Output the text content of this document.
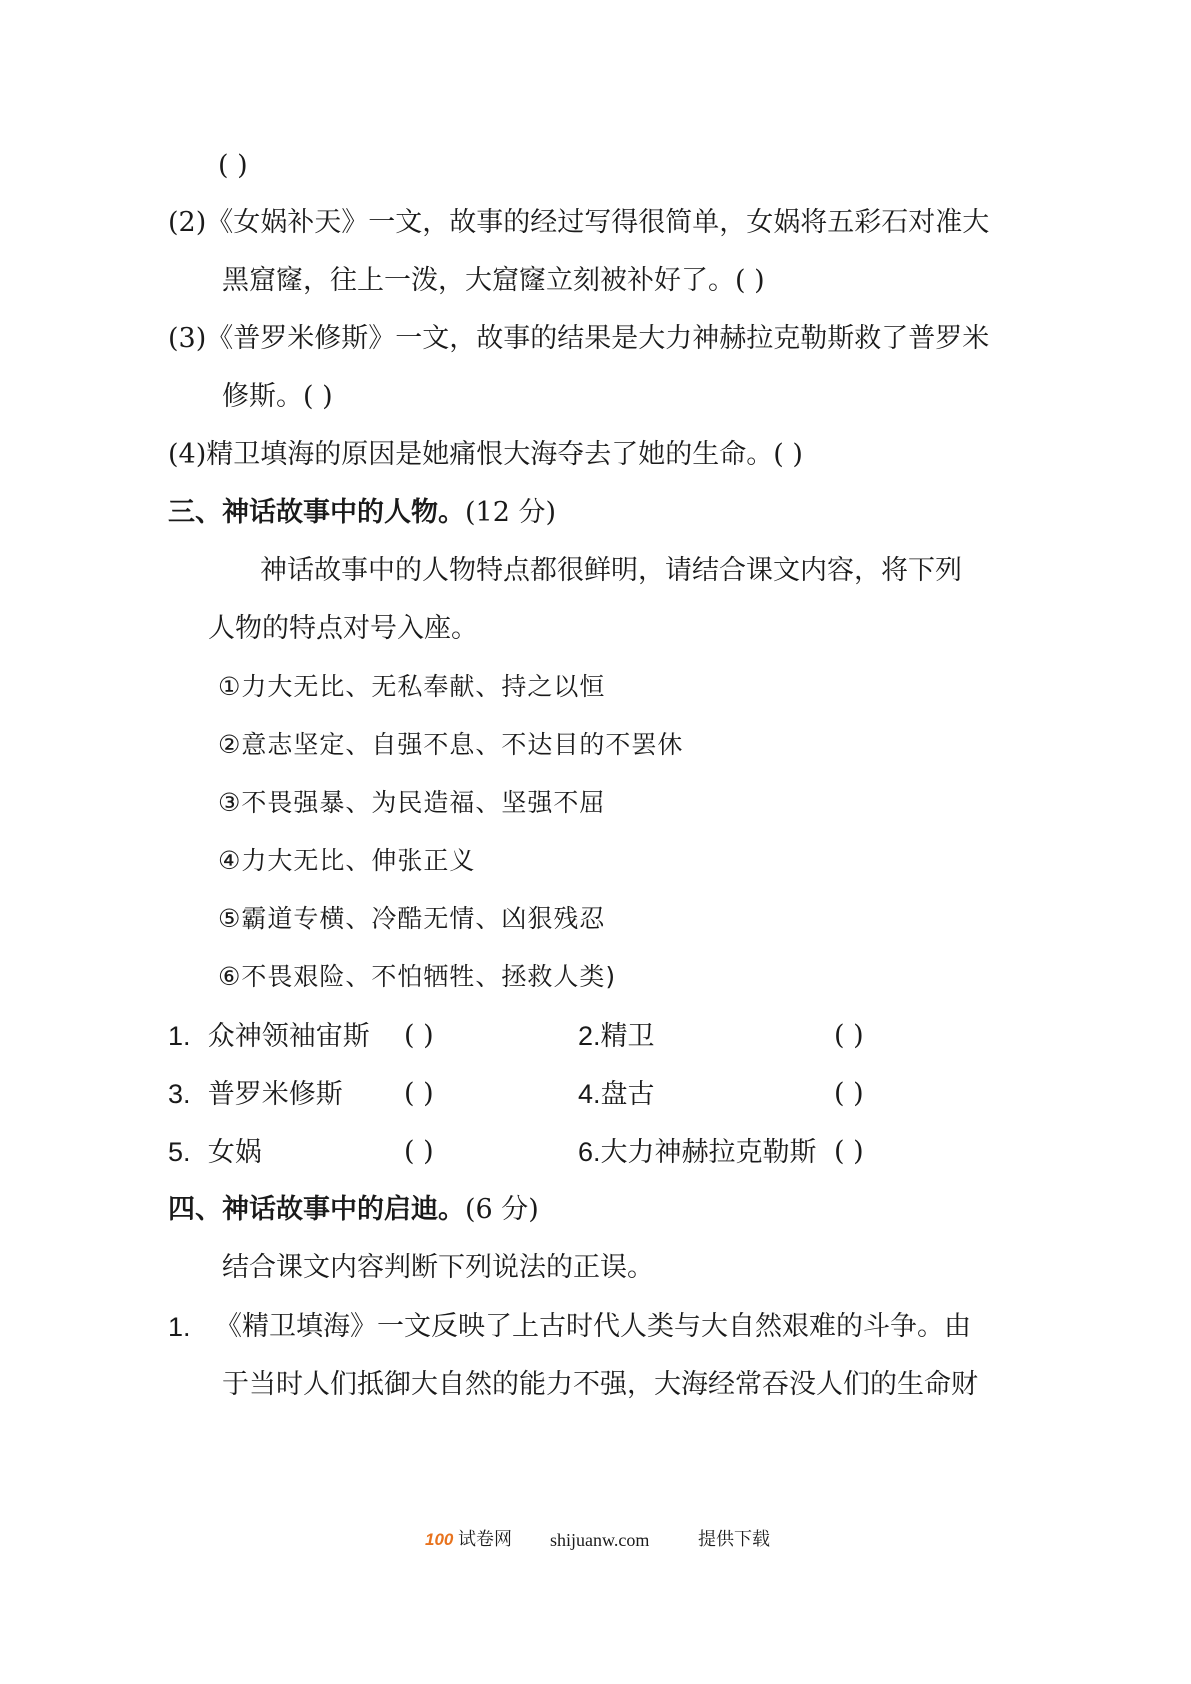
( )
(2)《女娲补天》一文，故事的经过写得很简单，女娲将五彩石对准大
黑窟窿，往上一泼，大窟窿立刻被补好了。( )
(3)《普罗米修斯》一文，故事的结果是大力神赫拉克勒斯救了普罗米
修斯。( )
(4)精卫填海的原因是她痛恨大海夺去了她的生命。( )
三、神话故事中的人物。(12 分)
神话故事中的人物特点都很鲜明，请结合课文内容，将下列
人物的特点对号入座。
①力大无比、无私奉献、持之以恒
②意志坚定、自强不息、不达目的不罢休
③不畏强暴、为民造福、坚强不屈
④力大无比、伸张正义
⑤霸道专横、冷酷无情、凶狠残忍
⑥不畏艰险、不怕牺牲、拯救人类)
1. 众神领袖宙斯 ( )	2.精卫	( )
3. 普罗米修斯 ( )	4.盘古	( )
5. 女娲	( )	6.大力神赫拉克勒斯 ( )
四、神话故事中的启迪。(6 分)
结合课文内容判断下列说法的正误。
1. 《精卫填海》一文反映了上古时代人类与大自然艰难的斗争。由
于当时人们抵御大自然的能力不强，大海经常吞没人们的生命财
100 试卷网 shijuanw.com	提供下载
